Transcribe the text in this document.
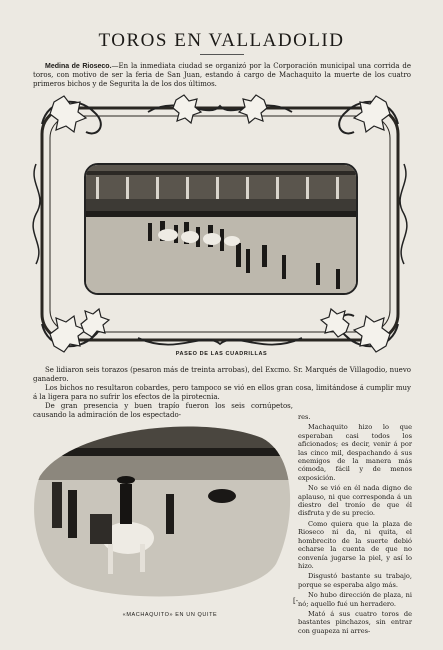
TOROS EN VALLADOLID
Medina de Rioseco.—En la inmediata ciudad se organizó por la Corporación municipal una corrida de toros, con motivo de ser la feria de San Juan, estando á cargo de Machaquito la muerte de los cuatro primeros bichos y de Segurita la de los dos últimos.
PASEO DE LAS CUADRILLAS

Se lidiaron seis torazos (pesaron más de treinta arrobas), del Excmo. Sr. Marqués de Villagodio, nuevo ganadero.

Los bichos no resultaron cobardes, pero tampoco se vió en ellos gran cosa, limitándose á cumplir muy á la ligera para no sufrir los efectos de la pirotecnia.

De gran presencia y buen trapío fueron los seis cornúpetos, causando la admiración de los espectado-	res.

Machaquito hizo lo que esperaban casi todos los aficionados; es decir, venir á por las cinco mil, despachando á sus enemigos de la manera más cómoda, fácil y de menos exposición.

No se vió en él nada digno de aplauso, ni que corresponda á un diestro del tronío de que él disfruta y de su precio.

Como quiera que la plaza de Rioseco ni da, ni quita, el hombrecito de la suerte debió echarse la cuenta de que no convenía jugarse la piel, y así lo hizo.

Disgustó bastante su trabajo, porque se esperaba algo más.

No hubo dirección de plaza, ni nó; aquello fué un herradero.

Mató á sus cuatro toros de bastantes pinchazos, sin entrar con guapeza ni arres-

[-
«MACHAQUITO» EN UN QUITE
